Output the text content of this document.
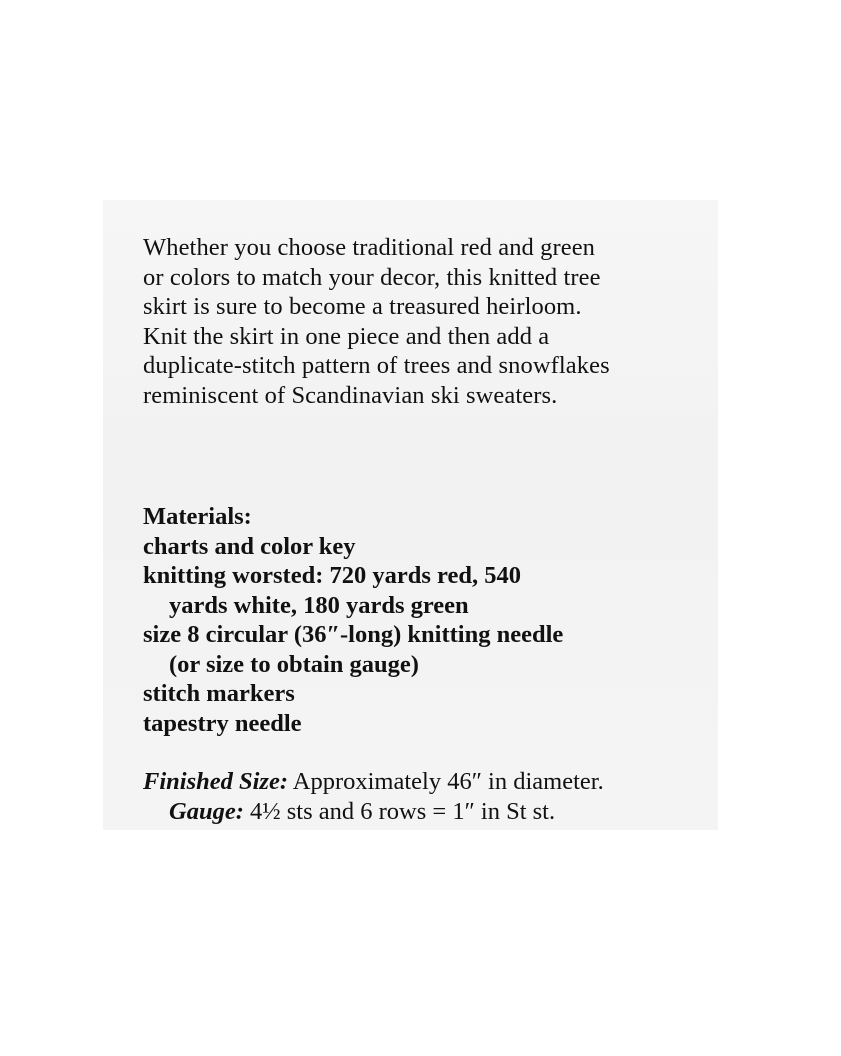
Whether you choose traditional red and green

or colors to match your decor, this knitted tree

skirt is sure to become a treasured heirloom.

Knit the skirt in one piece and then add a

duplicate-stitch pattern of trees and snowflakes

reminiscent of Scandinavian ski sweaters.

Materials:

charts and color key

knitting worsted: 720 yards red, 540

yards white, 180 yards green

size 8 circular (36″-long) knitting needle

(or size to obtain gauge)

stitch markers

tapestry needle

Finished Size: Approximately 46″ in diameter.

Gauge: 4½ sts and 6 rows = 1″ in St st.
